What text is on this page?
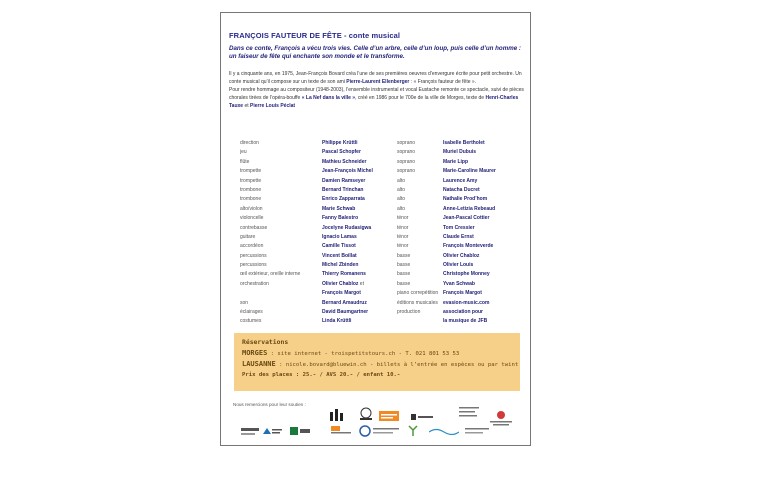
FRANÇOIS FAUTEUR DE FÊTE - conte musical
Dans ce conte, François a vécu trois vies. Celle d’un arbre, celle d’un loup, puis celle d’un homme : un faiseur de fête qui enchante son monde et le transforme.
Il y a cinquante ans, en 1975, Jean-François Bovard créa l’une de ses premières oeuvres d’envergure écrite pour petit orchestre. Un conte musical qu’il compose sur un texte de son ami Pierre-Laurent Ellenberger : « François fauteur de fête ».
Pour rendre hommage au compositeur (1948-2003), l’ensemble instrumental et vocal Eustache remonte ce spectacle, suivi de pièces chorales tirées de l’opéra-bouffe « La Nef dans la ville », créé en 1986 pour le 700e de la ville de Morges, texte de Henri-Charles Tauxe et Pierre Louis Péclat
direction
jeu
flûte
trompette
trompette
trombone
trombone
alto/violon
violoncelle
contrebasse
guitare
accordéon
percussions
percussions
œil extérieur, oreille interne
orchestration
son
éclairages
costumes
Philippe Krüttli
Pascal Schopfer
Mathieu Schneider
Jean-François Michel
Damien Ramseyer
Bernard Trinchan
Enrico Zapparrata
Marie Schwab
Fanny Balestro
Jocelyne Rudasigwa
Ignacio Lamas
Camille Tissot
Vincent Boillat
Michel Zbinden
Thierry Romanens
Olivier Chabloz et
François Margot
Bernard Amaudruz
David Baumgartner
Linda Krüttli
soprano
soprano
soprano
soprano
alto
alto
alto
alto
ténor
ténor
ténor
ténor
basse
basse
basse
basse
piano correpétition
éditions musicales
production
Isabelle Bertholet
Muriel Dubuis
Marie Lipp
Marie-Caroline Maurer
Laurence Amy
Natacha Ducret
Nathalie Prod’hom
Anne-Letizia Rebeaud
Jean-Pascal Cottier
Tom Cressier
Claude Ernst
François Monteverde
Olivier Chabloz
Olivier Louis
Christophe Monney
Yvan Schwab
François Margot
evasion-music.com
association pour
la musique de JFB
Réservations
MORGES : site internet - troispetitstours.ch - T. 021 801 53 53
LAUSANNE : nicole.bovard@bluewin.ch - billets à l’entrée en espèces ou par twint
Prix des places : 25.- / AVS 20.- / enfant 10.-
Nous remercions pour leur soutien :
